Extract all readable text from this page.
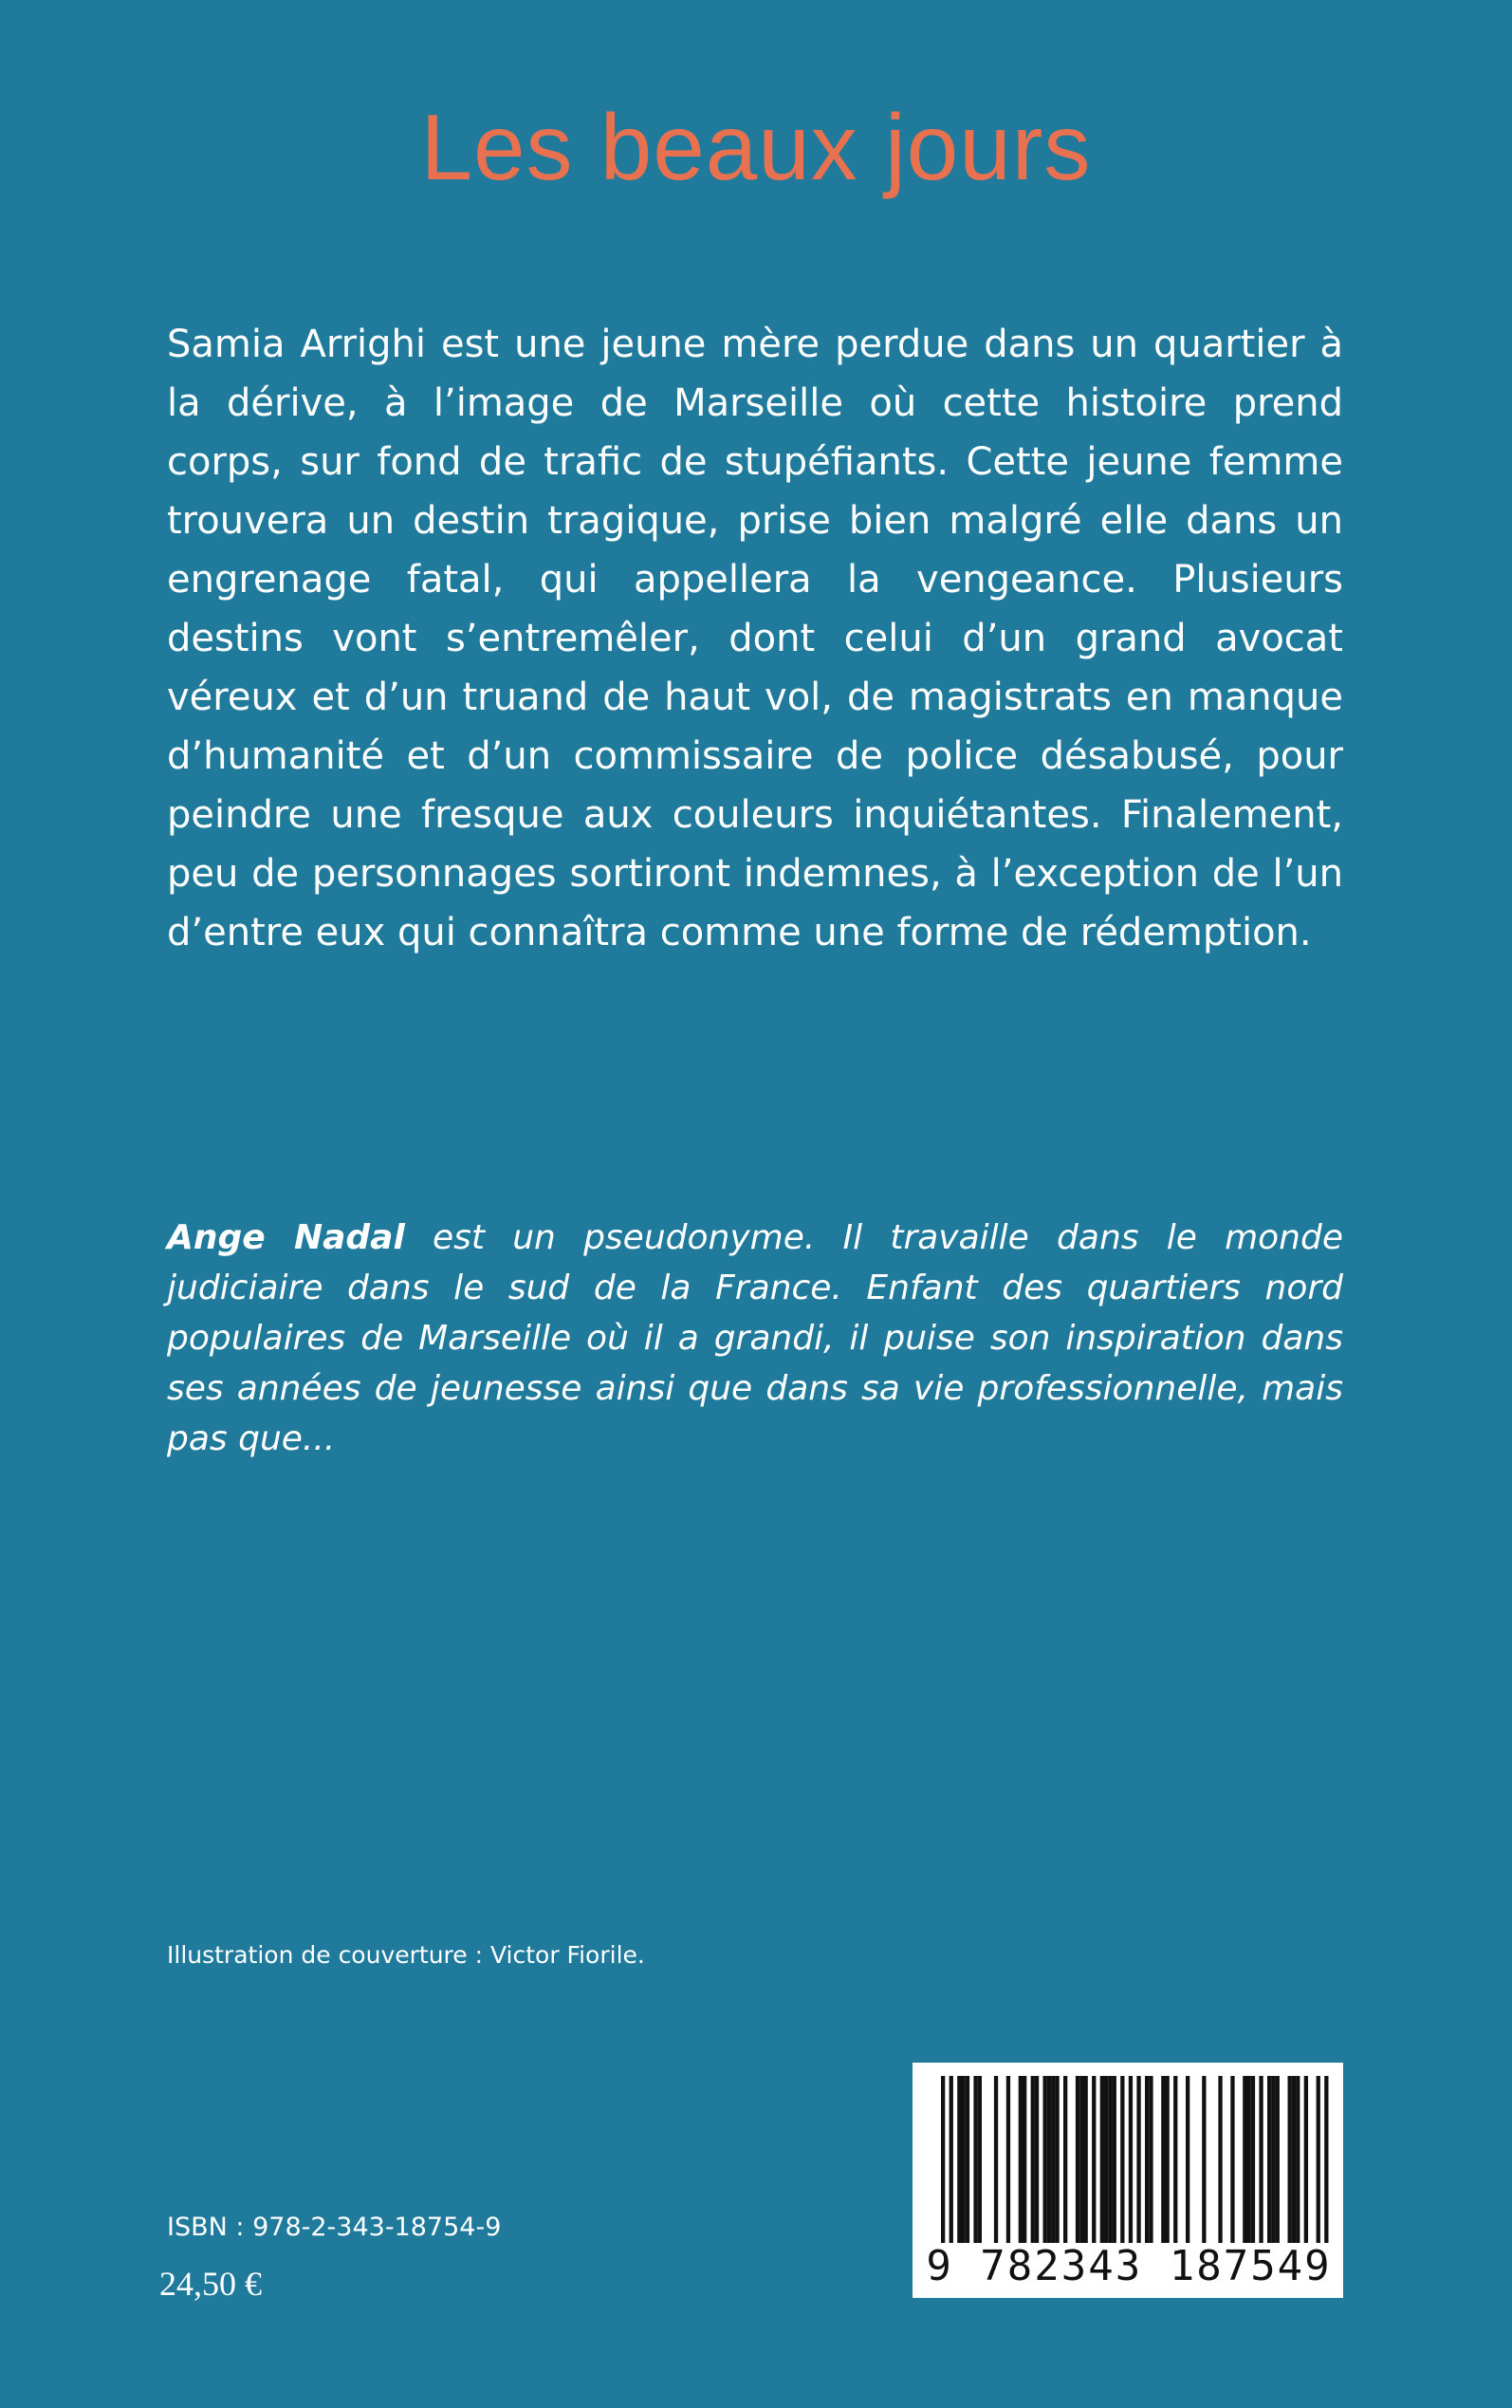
Les beaux jours

Samia Arrighi est une jeune mère perdue dans un quartier à la dérive, à l’image de Marseille où cette histoire prend corps, sur fond de trafic de stupéfiants. Cette jeune femme trouvera un destin tragique, prise bien malgré elle dans un engrenage fatal, qui appellera la vengeance. Plusieurs destins vont s’entremêler, dont celui d’un grand avocat véreux et d’un truand de haut vol, de magistrats en manque d’humanité et d’un commissaire de police désabusé, pour peindre une fresque aux couleurs inquiétantes. Finalement, peu de personnages sortiront indemnes, à l’exception de l’un d’entre eux qui connaîtra comme une forme de rédemption.

Ange Nadal est un pseudonyme. Il travaille dans le monde judiciaire dans le sud de la France. Enfant des quartiers nord populaires de Marseille où il a grandi, il puise son inspiration dans ses années de jeunesse ainsi que dans sa vie professionnelle, mais pas que...

Illustration de couverture : Victor Fiorile.

ISBN : 978-2-343-18754-9

24,50 €	9 782343 187549
